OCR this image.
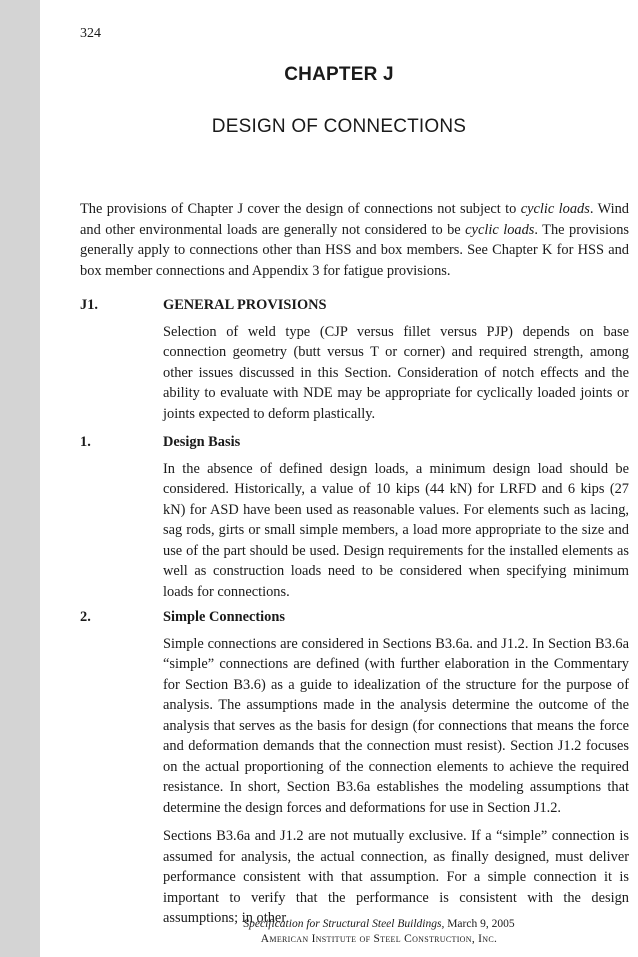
324
CHAPTER J
DESIGN OF CONNECTIONS

The provisions of Chapter J cover the design of connections not subject to cyclic loads. Wind and other environmental loads are generally not considered to be cyclic loads. The provisions generally apply to connections other than HSS and box members. See Chapter K for HSS and box member connections and Appendix 3 for fatigue provisions.

J1.	GENERAL PROVISIONS

Selection of weld type (CJP versus fillet versus PJP) depends on base connection geometry (butt versus T or corner) and required strength, among other issues discussed in this Section. Consideration of notch effects and the ability to evaluate with NDE may be appropriate for cyclically loaded joints or joints expected to deform plastically.

1.	Design Basis

In the absence of defined design loads, a minimum design load should be considered. Historically, a value of 10 kips (44 kN) for LRFD and 6 kips (27 kN) for ASD have been used as reasonable values. For elements such as lacing, sag rods, girts or small simple members, a load more appropriate to the size and use of the part should be used. Design requirements for the installed elements as well as construction loads need to be considered when specifying minimum loads for connections.

2.	Simple Connections

Simple connections are considered in Sections B3.6a. and J1.2. In Section B3.6a “simple” connections are defined (with further elaboration in the Commentary for Section B3.6) as a guide to idealization of the structure for the purpose of analysis. The assumptions made in the analysis determine the outcome of the analysis that serves as the basis for design (for connections that means the force and deformation demands that the connection must resist). Section J1.2 focuses on the actual proportioning of the connection elements to achieve the required resistance. In short, Section B3.6a establishes the modeling assumptions that determine the design forces and deformations for use in Section J1.2.

Sections B3.6a and J1.2 are not mutually exclusive. If a “simple” connection is assumed for analysis, the actual connection, as finally designed, must deliver performance consistent with that assumption. For a simple connection it is important to verify that the performance is consistent with the design assumptions; in other

Specification for Structural Steel Buildings, March 9, 2005
American Institute of Steel Construction, Inc.
